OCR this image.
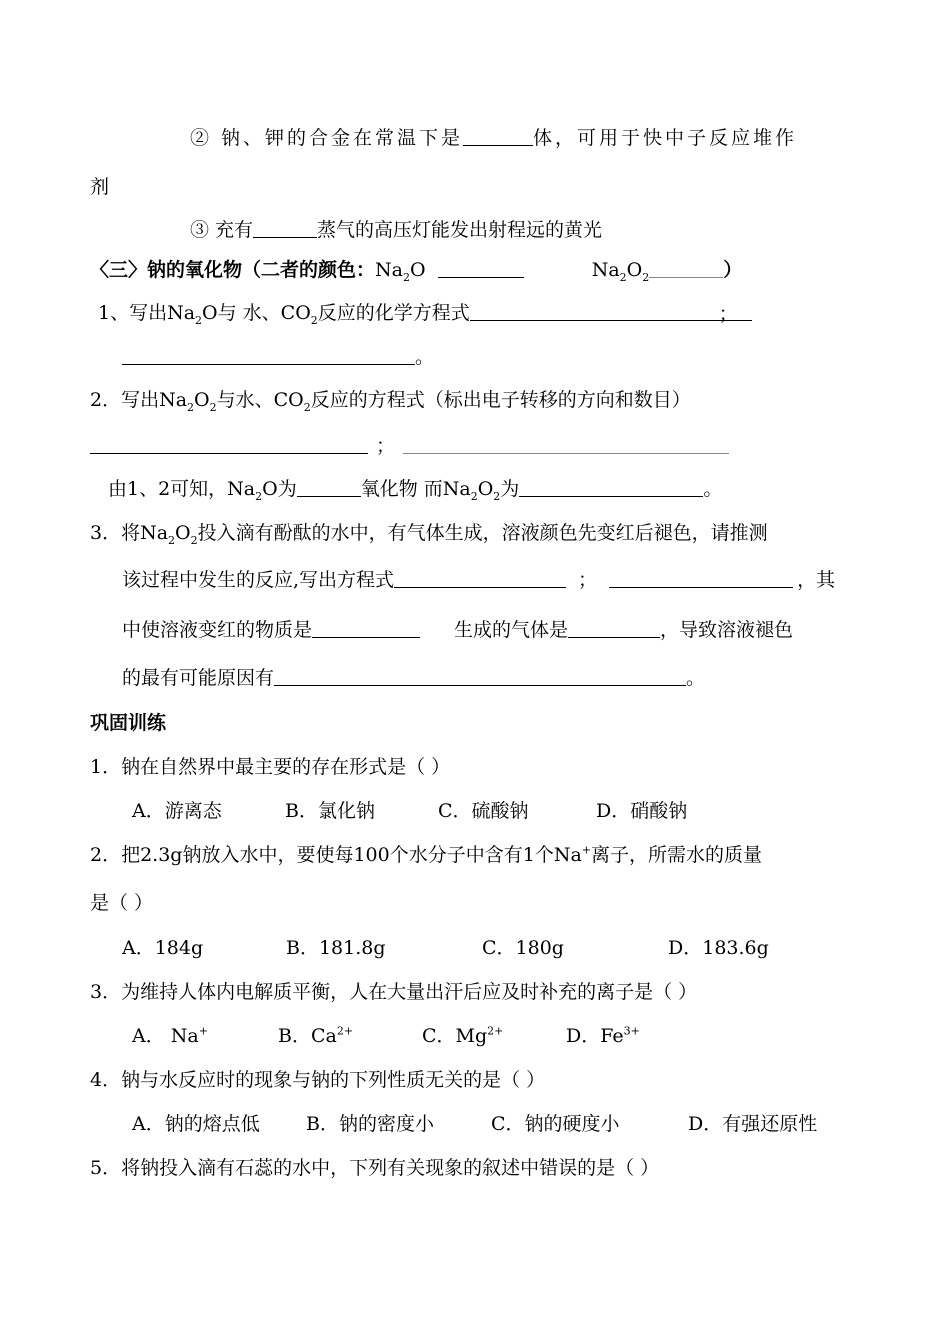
② 钠、钾的合金在常温下是	体，可用于快中子反应堆作
剂
③ 充有	蒸气的高压灯能发出射程远的黄光
〈三〉钠的氧化物（二者的颜色：$Na_2O$	$Na_2O_2$	）
1、写出$Na_2O$与 水、$CO_2$反应的化学方程式	；
。
2．写出$Na_2O_2$与水、$CO_2$反应的方程式（标出电子转移的方向和数目）
；
由1、2可知，$Na_2O$为	氧化物 而$Na_2O_2$为	。
3．将$Na_2O_2$投入滴有酚酞的水中，有气体生成，溶液颜色先变红后褪色，请推测
该过程中发生的反应,写出方程式	；	，其
中使溶液变红的物质是	生成的气体是	，导致溶液褪色
的最有可能原因有	。
巩固训练
1．钠在自然界中最主要的存在形式是（ ）
A．游离态	B．氯化钠	C．硫酸钠	D．硝酸钠
2．把2.3g钠放入水中，要使每100个水分子中含有1个Na+离子，所需水的质量
是（ ）
A．184g	B．181.8g	C．180g	D．183.6g
3．为维持人体内电解质平衡，人在大量出汗后应及时补充的离子是（ ）
A． Na+	B．$Ca^{2+}$	C．$Mg^{2+}$	D．$Fe^{3+}$
4．钠与水反应时的现象与钠的下列性质无关的是（ ）
A．钠的熔点低 B．钠的密度小	C．钠的硬度小	D．有强还原性
5．将钠投入滴有石蕊的水中，下列有关现象的叙述中错误的是（ ）
